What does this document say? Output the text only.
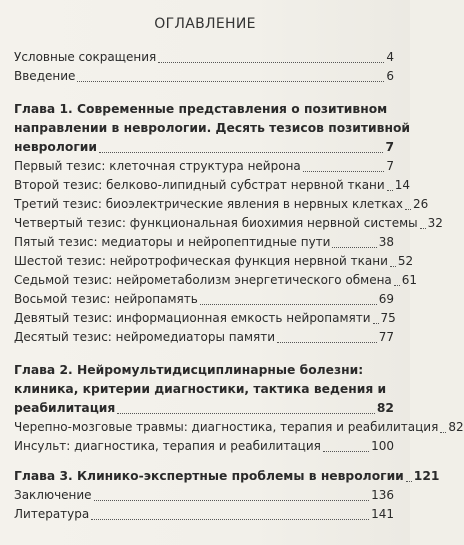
ОГЛАВЛЕНИЕ
Условные сокращения	4
Введение	6
Глава 1. Современные представления о позитивном
направлении в неврологии. Десять тезисов позитивной
неврологии	7
Первый тезис: клеточная структура нейрона	7
Второй тезис: белково-липидный субстрат нервной ткани 14
Третий тезис: биоэлектрические явления в нервных клетках 26
Четвертый тезис: функциональная биохимия нервной системы 32
Пятый тезис: медиаторы и нейропептидные пути	38
Шестой тезис: нейротрофическая функция нервной ткани 52
Седьмой тезис: нейрометаболизм энергетического обмена 61
Восьмой тезис: нейропамять	69
Девятый тезис: информационная емкость нейропамяти 75
Десятый тезис: нейромедиаторы памяти	77
Глава 2. Нейромультидисциплинарные болезни:
клиника, критерии диагностики, тактика ведения и
реабилитация	82
Черепно-мозговые травмы: диагностика, терапия и реабилитация 82
Инсульт: диагностика, терапия и реабилитация	100
Глава 3. Клинико-экспертные проблемы в неврологии 121
Заключение	136
Литература	141
